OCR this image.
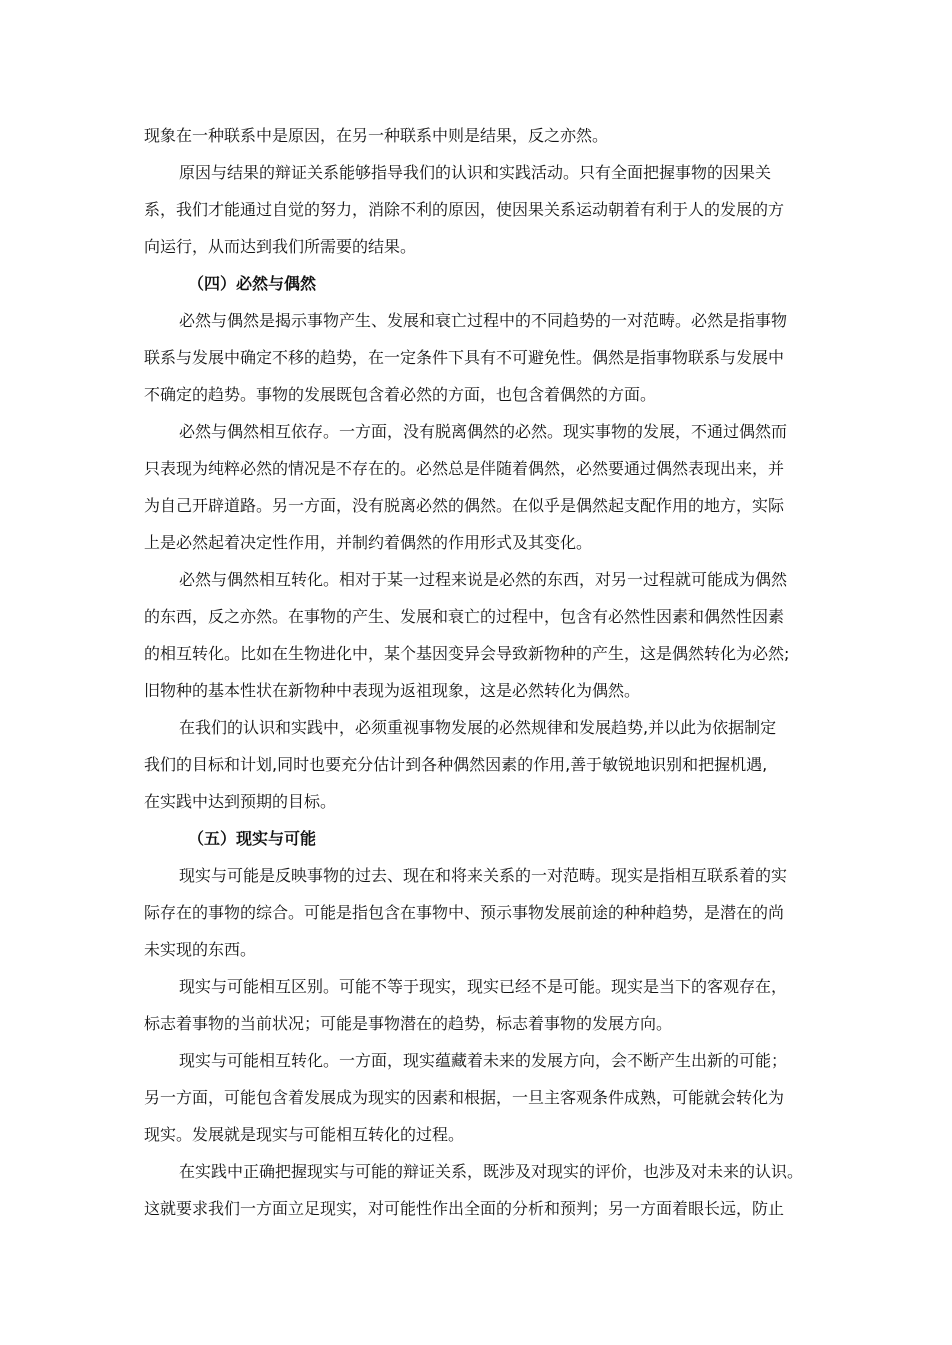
现象在一种联系中是原因，在另一种联系中则是结果，反之亦然。
原因与结果的辩证关系能够指导我们的认识和实践活动。只有全面把握事物的因果关
系，我们才能通过自觉的努力，消除不利的原因，使因果关系运动朝着有利于人的发展的方
向运行，从而达到我们所需要的结果。
（四）必然与偶然
必然与偶然是揭示事物产生、发展和衰亡过程中的不同趋势的一对范畴。必然是指事物
联系与发展中确定不移的趋势，在一定条件下具有不可避免性。偶然是指事物联系与发展中
不确定的趋势。事物的发展既包含着必然的方面，也包含着偶然的方面。
必然与偶然相互依存。一方面，没有脱离偶然的必然。现实事物的发展，不通过偶然而
只表现为纯粹必然的情况是不存在的。必然总是伴随着偶然，必然要通过偶然表现出来，并
为自己开辟道路。另一方面，没有脱离必然的偶然。在似乎是偶然起支配作用的地方，实际
上是必然起着决定性作用，并制约着偶然的作用形式及其变化。
必然与偶然相互转化。相对于某一过程来说是必然的东西，对另一过程就可能成为偶然
的东西，反之亦然。在事物的产生、发展和衰亡的过程中，包含有必然性因素和偶然性因素
的相互转化。比如在生物进化中，某个基因变异会导致新物种的产生，这是偶然转化为必然;
旧物种的基本性状在新物种中表现为返祖现象，这是必然转化为偶然。
在我们的认识和实践中，必须重视事物发展的必然规律和发展趋势,并以此为依据制定
我们的目标和计划,同时也要充分估计到各种偶然因素的作用,善于敏锐地识别和把握机遇,
在实践中达到预期的目标。
（五）现实与可能
现实与可能是反映事物的过去、现在和将来关系的一对范畴。现实是指相互联系着的实
际存在的事物的综合。可能是指包含在事物中、预示事物发展前途的种种趋势，是潜在的尚
未实现的东西。
现实与可能相互区别。可能不等于现实，现实已经不是可能。现实是当下的客观存在，
标志着事物的当前状况；可能是事物潜在的趋势，标志着事物的发展方向。
现实与可能相互转化。一方面，现实蕴藏着未来的发展方向，会不断产生出新的可能；
另一方面，可能包含着发展成为现实的因素和根据，一旦主客观条件成熟，可能就会转化为
现实。发展就是现实与可能相互转化的过程。
在实践中正确把握现实与可能的辩证关系，既涉及对现实的评价，也涉及对未来的认识。
这就要求我们一方面立足现实，对可能性作出全面的分析和预判；另一方面着眼长远，防止
